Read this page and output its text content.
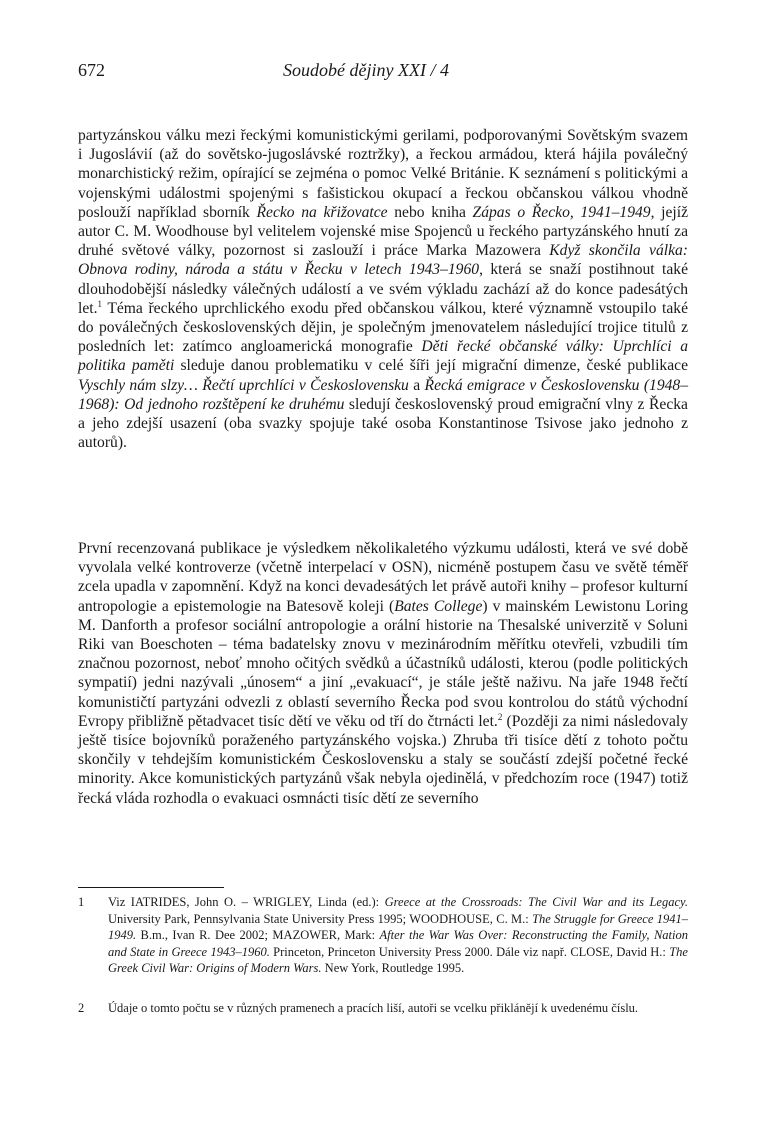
672	Soudobé dějiny XXI / 4

partyzánskou válku mezi řeckými komunistickými gerilami, podporovanými Sovětským svazem i Jugoslávií (až do sovětsko-jugoslávské roztržky), a řeckou armádou, která hájila poválečný monarchistický režim, opírající se zejména o pomoc Velké Británie. K seznámení s politickými a vojenskými událostmi spojenými s fašistickou okupací a řeckou občanskou válkou vhodně poslouží například sborník Řecko na křižovatce nebo kniha Zápas o Řecko, 1941–1949, jejíž autor C. M. Woodhouse byl velitelem vojenské mise Spojenců u řeckého partyzánského hnutí za druhé světové války, pozornost si zaslouží i práce Marka Mazowera Když skončila válka: Obnova rodiny, národa a státu v Řecku v letech 1943–1960, která se snaží postihnout také dlouhodobější následky válečných událostí a ve svém výkladu zachází až do konce padesátých let.$^1$ Téma řeckého uprchlického exodu před občanskou válkou, které významně vstoupilo také do poválečných československých dějin, je společným jmenovatelem následující trojice titulů z posledních let: zatímco angloamerická monografie Děti řecké občanské války: Uprchlíci a politika paměti sleduje danou problematiku v celé šíři její migrační dimenze, české publikace Vyschly nám slzy… Řečtí uprchlíci v Československu a Řecká emigrace v Československu (1948–1968): Od jednoho rozštěpení ke druhému sledují československý proud emigrační vlny z Řecka a jeho zdejší usazení (oba svazky spojuje také osoba Konstantinose Tsivose jako jednoho z autorů).

První recenzovaná publikace je výsledkem několikaletého výzkumu události, která ve své době vyvolala velké kontroverze (včetně interpelací v OSN), nicméně postupem času ve světě téměř zcela upadla v zapomnění. Když na konci devadesátých let právě autoři knihy – profesor kulturní antropologie a epistemologie na Batesově koleji (Bates College) v mainském Lewistonu Loring M. Danforth a profesor sociální antropologie a orální historie na Thesalské univerzitě v Soluni Riki van Boeschoten – téma badatelsky znovu v mezinárodním měřítku otevřeli, vzbudili tím značnou pozornost, neboť mnoho očitých svědků a účastníků události, kterou (podle politických sympatií) jedni nazývali „únosem“ a jiní „evakuací“, je stále ještě naživu. Na jaře 1948 řečtí komunističtí partyzáni odvezli z oblastí severního Řecka pod svou kontrolou do států východní Evropy přibližně pětadvacet tisíc dětí ve věku od tří do čtrnácti let.$^2$ (Později za nimi následovaly ještě tisíce bojovníků poraženého partyzánského vojska.) Zhruba tři tisíce dětí z tohoto počtu skončily v tehdejším komunistickém Československu a staly se součástí zdejší početné řecké minority. Akce komunistických partyzánů však nebyla ojedinělá, v předchozím roce (1947) totiž řecká vláda rozhodla o evakuaci osmnácti tisíc dětí ze severního

1 Viz IATRIDES, John O. – WRIGLEY, Linda (ed.): Greece at the Crossroads: The Civil War and its Legacy. University Park, Pennsylvania State University Press 1995; WOODHOUSE, C. M.: The Struggle for Greece 1941–1949. B.m., Ivan R. Dee 2002; MAZOWER, Mark: After the War Was Over: Reconstructing the Family, Nation and State in Greece 1943–1960. Princeton, Princeton University Press 2000. Dále viz např. CLOSE, David H.: The Greek Civil War: Origins of Modern Wars. New York, Routledge 1995.
2 Údaje o tomto počtu se v různých pramenech a pracích liší, autoři se vcelku přiklánějí k uvedenému číslu.
